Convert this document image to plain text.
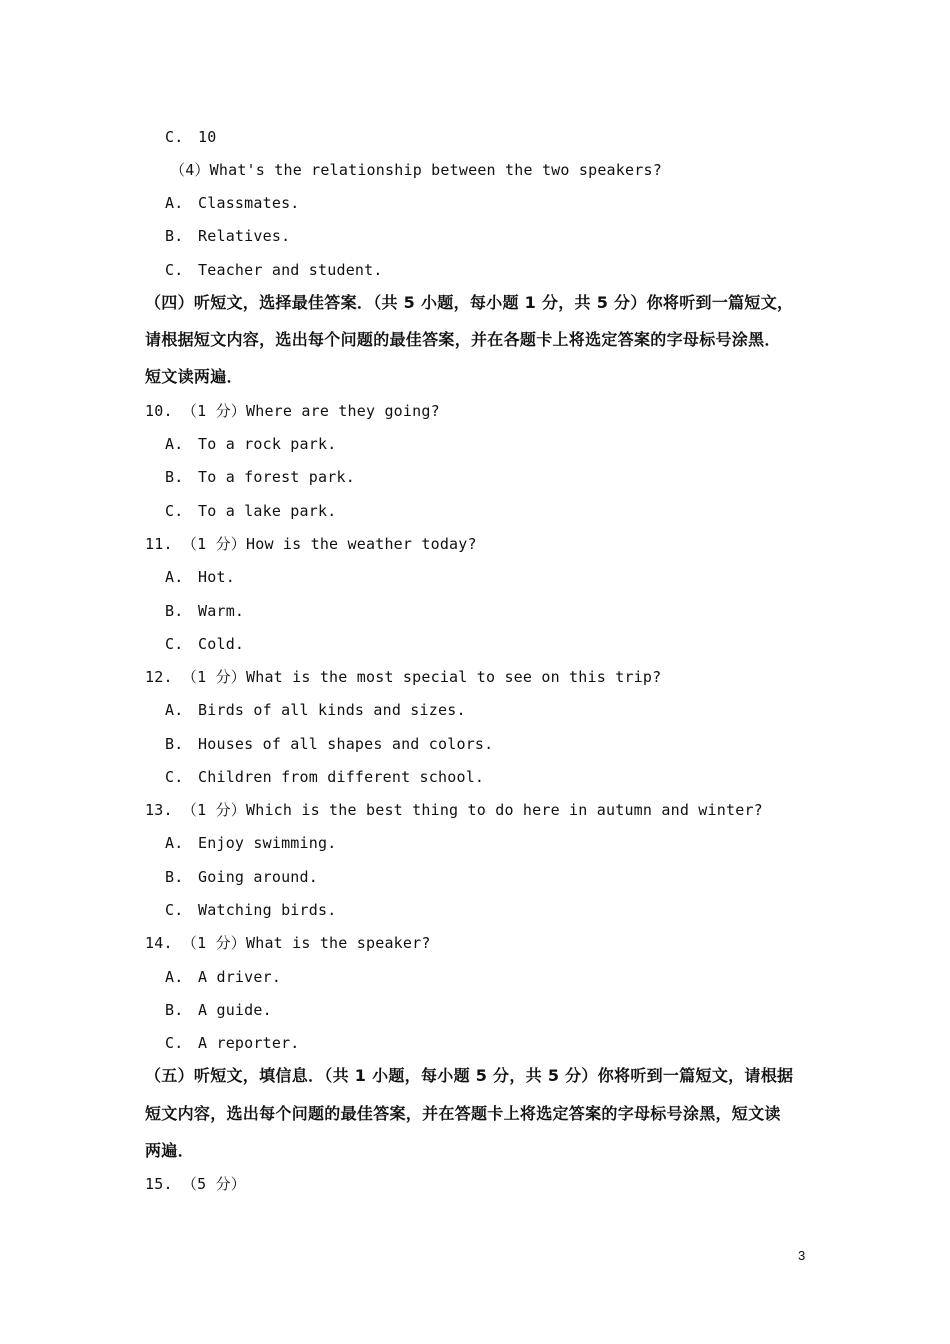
C. 10
（4）What's the relationship between the two speakers?
A. Classmates.
B. Relatives.
C. Teacher and student.
（四）听短文，选择最佳答案．（共 5 小题，每小题 1 分，共 5 分）你将听到一篇短文，
请根据短文内容，选出每个问题的最佳答案，并在各题卡上将选定答案的字母标号涂黑．
短文读两遍．
10. （1 分）Where are they going?
A. To a rock park.
B. To a forest park.
C. To a lake park.
11. （1 分）How is the weather today?
A. Hot.
B. Warm.
C. Cold.
12. （1 分）What is the most special to see on this trip?
A. Birds of all kinds and sizes.
B. Houses of all shapes and colors.
C. Children from different school.
13. （1 分）Which is the best thing to do here in autumn and winter?
A. Enjoy swimming.
B. Going around.
C. Watching birds.
14. （1 分）What is the speaker?
A. A driver.
B. A guide.
C. A reporter.
（五）听短文，填信息．（共 1 小题，每小题 5 分，共 5 分）你将听到一篇短文，请根据
短文内容，选出每个问题的最佳答案，并在答题卡上将选定答案的字母标号涂黑，短文读
两遍．
15. （5 分）
3
